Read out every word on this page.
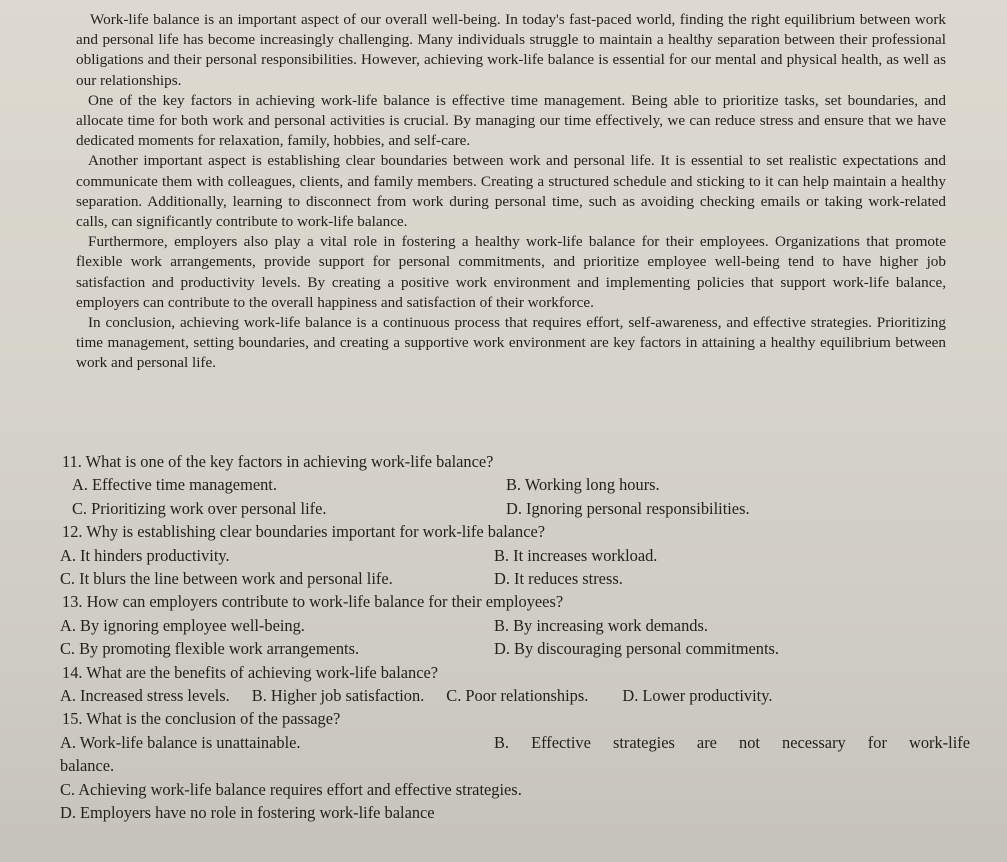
Work-life balance is an important aspect of our overall well-being. In today's fast-paced world, finding the right equilibrium between work and personal life has become increasingly challenging. Many individuals struggle to maintain a healthy separation between their professional obligations and their personal responsibilities. However, achieving work-life balance is essential for our mental and physical health, as well as our relationships.

One of the key factors in achieving work-life balance is effective time management. Being able to prioritize tasks, set boundaries, and allocate time for both work and personal activities is crucial. By managing our time effectively, we can reduce stress and ensure that we have dedicated moments for relaxation, family, hobbies, and self-care.

Another important aspect is establishing clear boundaries between work and personal life. It is essential to set realistic expectations and communicate them with colleagues, clients, and family members. Creating a structured schedule and sticking to it can help maintain a healthy separation. Additionally, learning to disconnect from work during personal time, such as avoiding checking emails or taking work-related calls, can significantly contribute to work-life balance.

Furthermore, employers also play a vital role in fostering a healthy work-life balance for their employees. Organizations that promote flexible work arrangements, provide support for personal commitments, and prioritize employee well-being tend to have higher job satisfaction and productivity levels. By creating a positive work environment and implementing policies that support work-life balance, employers can contribute to the overall happiness and satisfaction of their workforce.

In conclusion, achieving work-life balance is a continuous process that requires effort, self-awareness, and effective strategies. Prioritizing time management, setting boundaries, and creating a supportive work environment are key factors in attaining a healthy equilibrium between work and personal life.

11. What is one of the key factors in achieving work-life balance?
A. Effective time management.	B. Working long hours.
C. Prioritizing work over personal life.	D. Ignoring personal responsibilities.
12. Why is establishing clear boundaries important for work-life balance?
A. It hinders productivity.	B. It increases workload.
C. It blurs the line between work and personal life.	D. It reduces stress.
13. How can employers contribute to work-life balance for their employees?
A. By ignoring employee well-being.	B. By increasing work demands.
C. By promoting flexible work arrangements.	D. By discouraging personal commitments.
14. What are the benefits of achieving work-life balance?
A. Increased stress levels. B. Higher job satisfaction. C. Poor relationships. D. Lower productivity.
15. What is the conclusion of the passage?
A. Work-life balance is unattainable.	B. Effective strategies are not necessary for work-life
balance.
C. Achieving work-life balance requires effort and effective strategies.
D. Employers have no role in fostering work-life balance
